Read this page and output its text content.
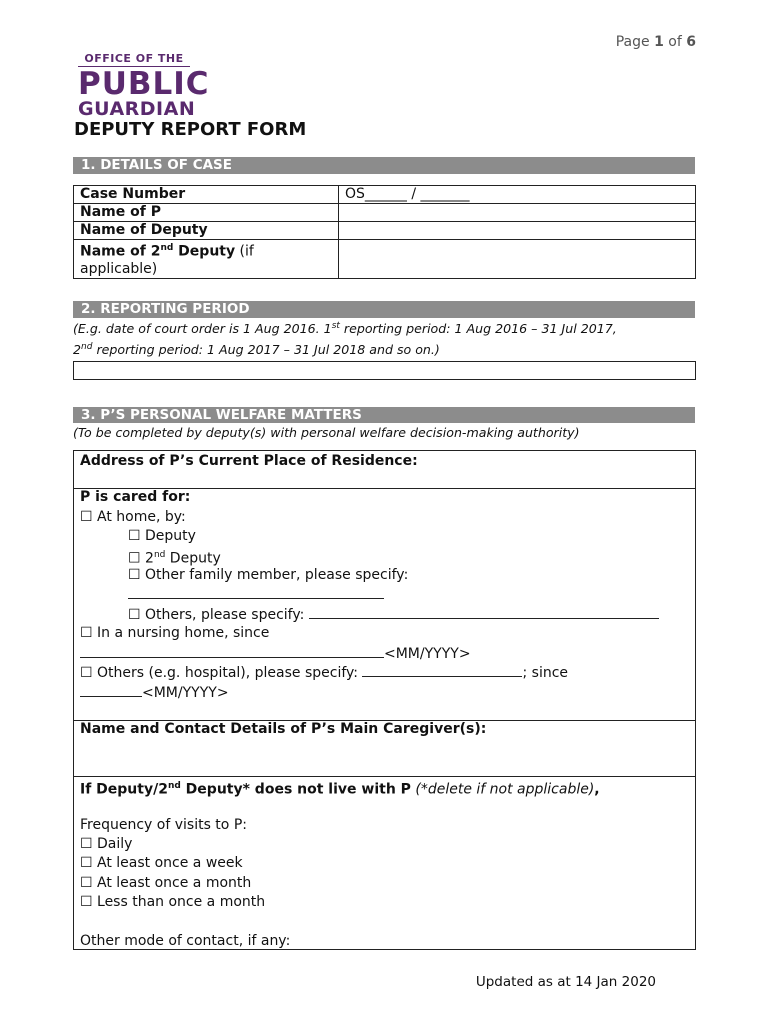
Page 1 of 6
OFFICE OF THE
PUBLIC
GUARDIAN
DEPUTY REPORT FORM
1. DETAILS OF CASE
Case Number	OS______ / _______
Name of P	
Name of Deputy	
Name of 2nd Deputy (if applicable)	
2. REPORTING PERIOD
(E.g. date of court order is 1 Aug 2016. 1st reporting period: 1 Aug 2016 – 31 Jul 2017,
2nd reporting period: 1 Aug 2017 – 31 Jul 2018 and so on.)
3. P’S PERSONAL WELFARE MATTERS
(To be completed by deputy(s) with personal welfare decision-making authority)
Address of P’s Current Place of Residence:
P is cared for:
☐ At home, by:
☐ Deputy
☐ 2nd Deputy
☐ Other family member, please specify:
☐ Others, please specify:
☐ In a nursing home, since
<MM/YYYY>
☐ Others (e.g. hospital), please specify:	; since
<MM/YYYY>
Name and Contact Details of P’s Main Caregiver(s):
If Deputy/2nd Deputy* does not live with P (*delete if not applicable),
Frequency of visits to P:
☐ Daily
☐ At least once a week
☐ At least once a month
☐ Less than once a month
Other mode of contact, if any:
Updated as at 14 Jan 2020
